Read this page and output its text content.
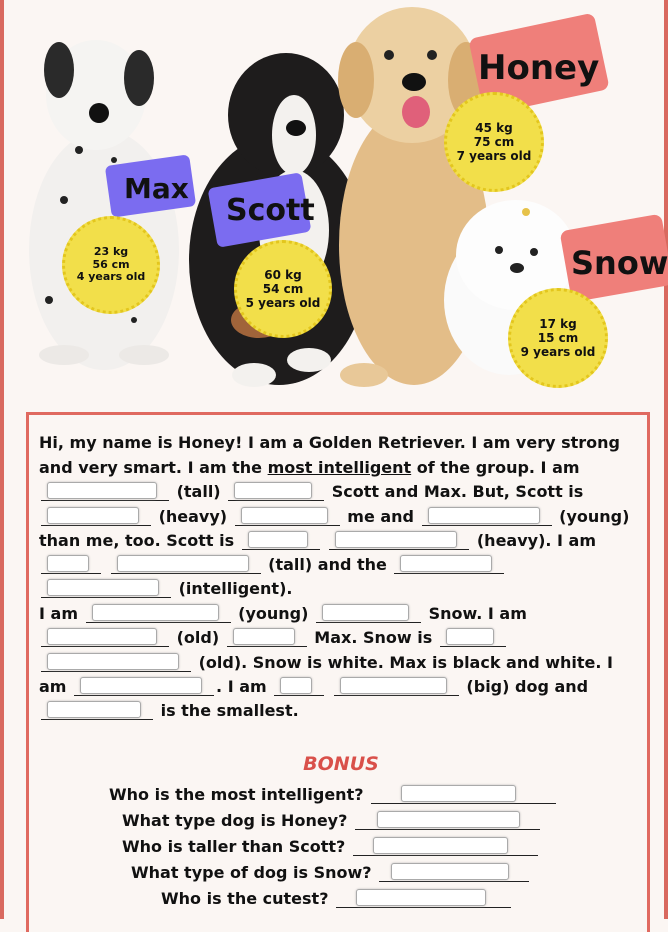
Max
Scott
Honey
Snow
23 kg
56 cm
4 years old	60 kg
54 cm
5 years old
45 kg
75 cm
7 years old
17 kg
15 cm
9 years old
Hi, my name is Honey! I am a Golden Retriever. I am very strong
and very smart. I am the most intelligent of the group. I am
(tall)	Scott and Max. But, Scott is
(heavy)	me and	(young)
than me, too. Scott is
	(heavy). I am

(tall) and the
(intelligent).
I am	(young)	Snow. I am
(old)	Max. Snow is
(old). Snow is white. Max is black and white. I
am	. I am
	(big) dog and
is the smallest.
BONUS
Who is the most intelligent?
What type dog is Honey?
Who is taller than Scott?
What type of dog is Snow?
Who is the cutest?
